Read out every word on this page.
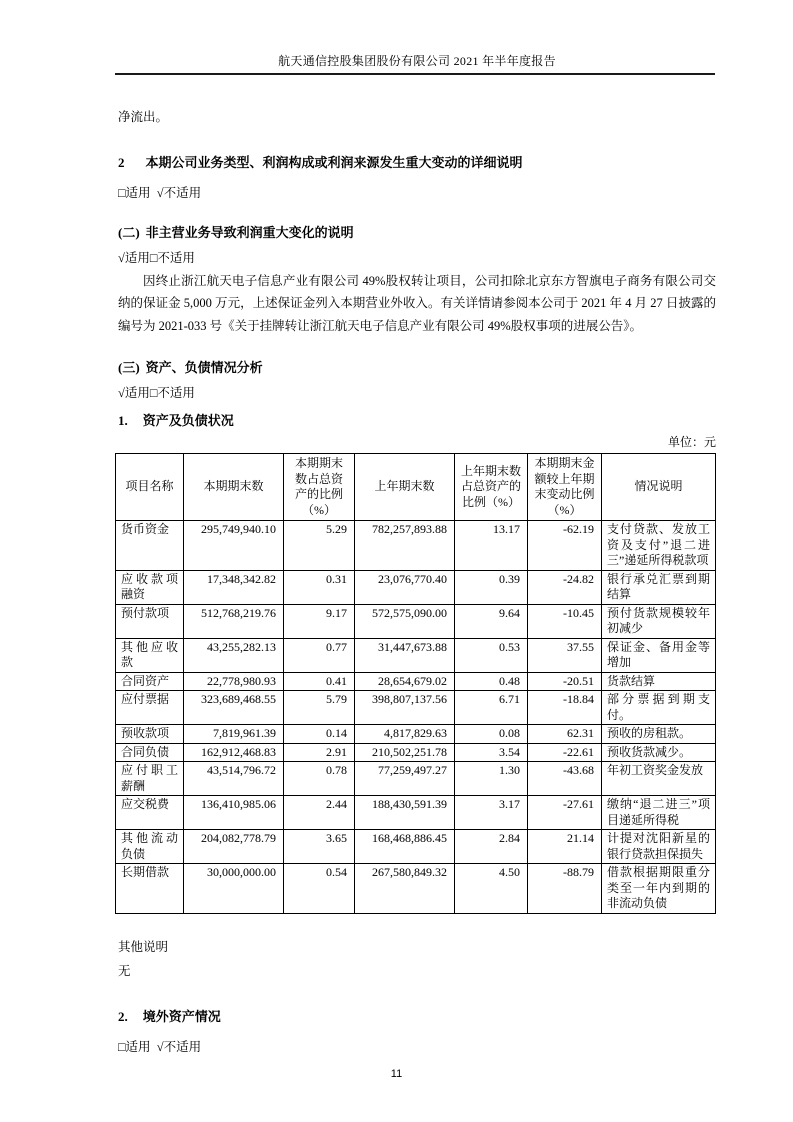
航天通信控股集团股份有限公司 2021 年半年度报告
净流出。
2 本期公司业务类型、利润构成或利润来源发生重大变动的详细说明
□适用  √不适用
(二) 非主营业务导致利润重大变化的说明
√适用□不适用

因终止浙江航天电子信息产业有限公司 49%股权转让项目，公司扣除北京东方智旗电子商务有限公司交纳的保证金 5,000 万元，上述保证金列入本期营业外收入。有关详情请参阅本公司于 2021 年 4 月 27 日披露的编号为 2021-033 号《关于挂牌转让浙江航天电子信息产业有限公司 49%股权事项的进展公告》。

(三) 资产、负债情况分析
√适用□不适用
1. 资产及负债状况
单位：元
项目名称	本期期末数	本期期末数占总资产的比例（%）	上年期末数	上年期末数占总资产的比例（%）	本期期末金额较上年期末变动比例（%）	情况说明
货币资金	295,749,940.10	5.29	782,257,893.88	13.17	-62.19	支付贷款、发放工资及支付”退二进三”递延所得税款项
应收款项融资	17,348,342.82	0.31	23,076,770.40	0.39	-24.82	银行承兑汇票到期结算
预付款项	512,768,219.76	9.17	572,575,090.00	9.64	-10.45	预付货款规模较年初减少
其他应收款	43,255,282.13	0.77	31,447,673.88	0.53	37.55	保证金、备用金等增加
合同资产	22,778,980.93	0.41	28,654,679.02	0.48	-20.51	货款结算
应付票据	323,689,468.55	5.79	398,807,137.56	6.71	-18.84	部分票据到期支付。
预收款项	7,819,961.39	0.14	4,817,829.63	0.08	62.31	预收的房租款。
合同负债	162,912,468.83	2.91	210,502,251.78	3.54	-22.61	预收货款减少。
应付职工薪酬	43,514,796.72	0.78	77,259,497.27	1.30	-43.68	年初工资奖金发放
应交税费	136,410,985.06	2.44	188,430,591.39	3.17	-27.61	缴纳“退二进三”项目递延所得税
其他流动负债	204,082,778.79	3.65	168,468,886.45	2.84	21.14	计提对沈阳新星的银行贷款担保损失
长期借款	30,000,000.00	0.54	267,580,849.32	4.50	-88.79	借款根据期限重分类至一年内到期的非流动负债
其他说明
无
2. 境外资产情况
□适用  √不适用
11
